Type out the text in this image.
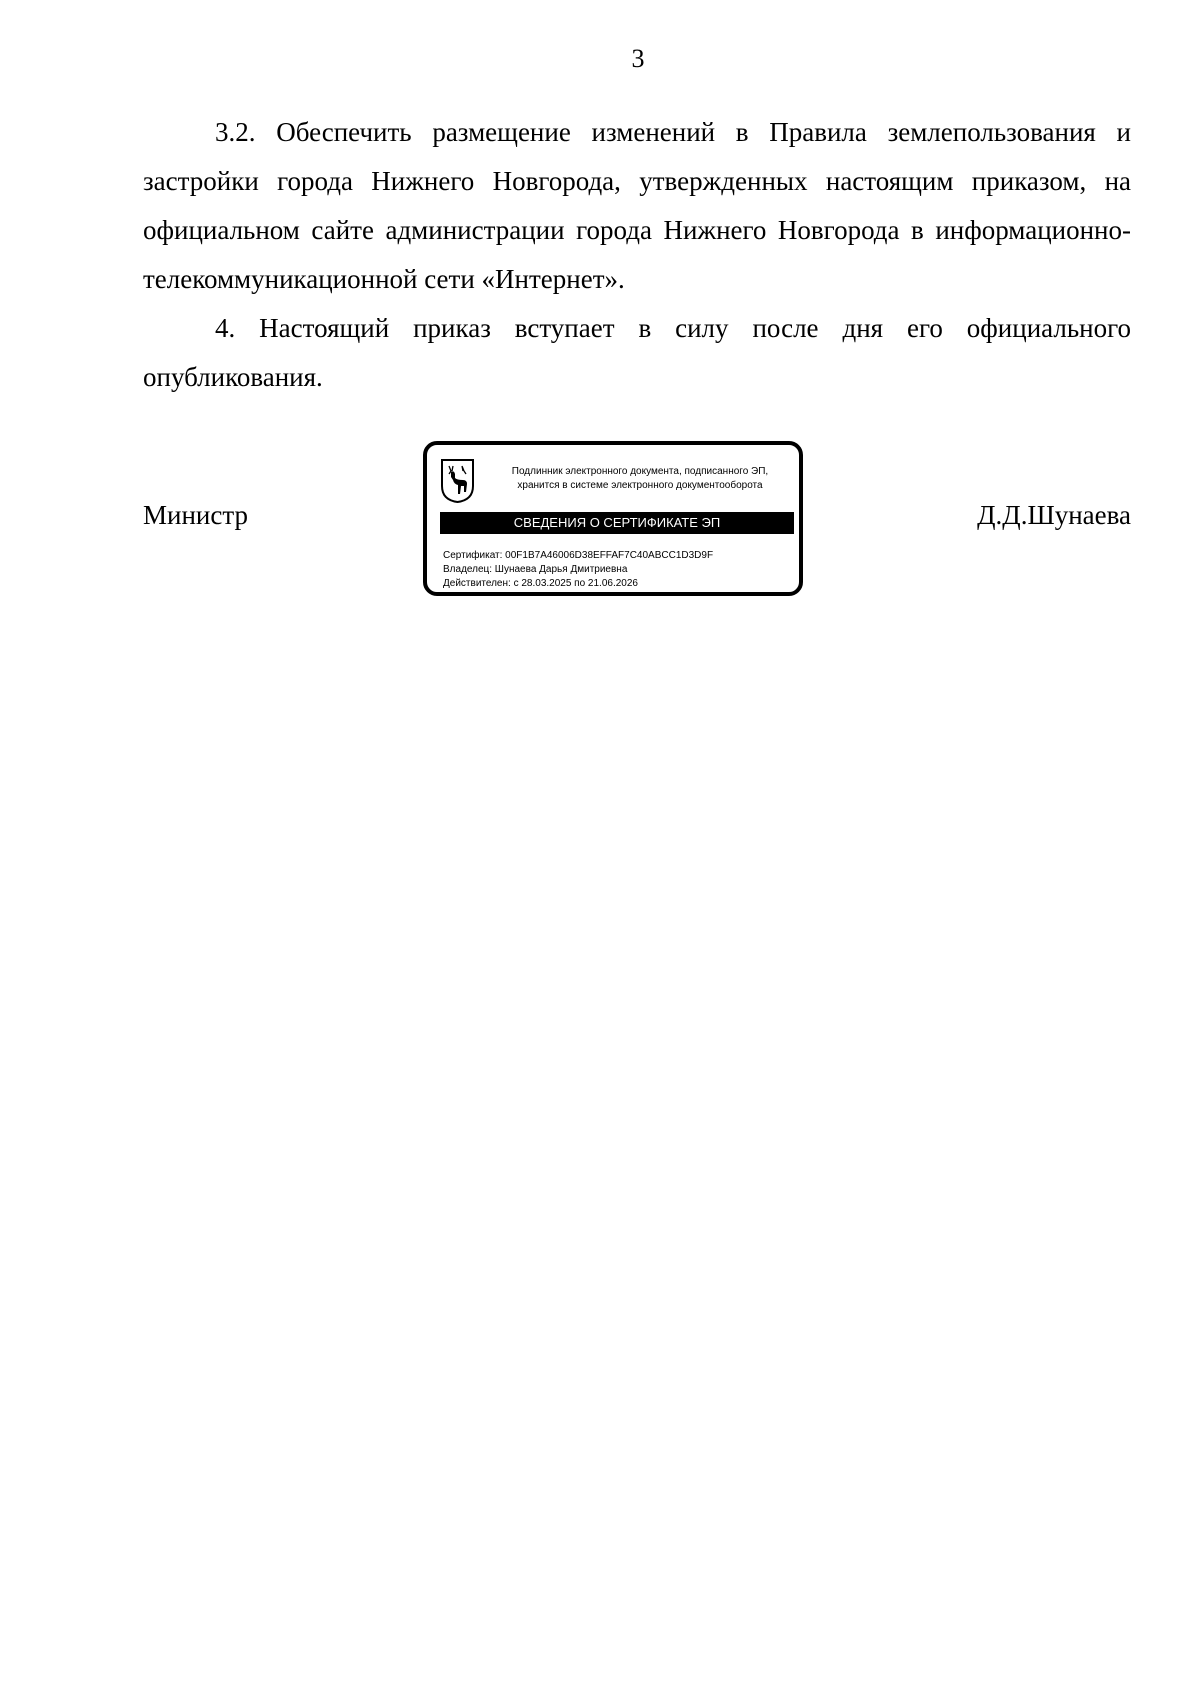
3

3.2. Обеспечить размещение изменений в Правила землепользования и застройки города Нижнего Новгорода, утвержденных настоящим приказом, на официальном сайте администрации города Нижнего Новгорода в информационно-телекоммуникационной сети «Интернет».

4. Настоящий приказ вступает в силу после дня его официального опубликования.

Министр	Д.Д.Шунаева
Подлинник электронного документа, подписанного ЭП,
хранится в системе электронного документооборота
СВЕДЕНИЯ О СЕРТИФИКАТЕ ЭП
Сертификат: 00F1B7A46006D38EFFAF7C40ABCC1D3D9F
Владелец: Шунаева Дарья Дмитриевна
Действителен: с 28.03.2025 по 21.06.2026
